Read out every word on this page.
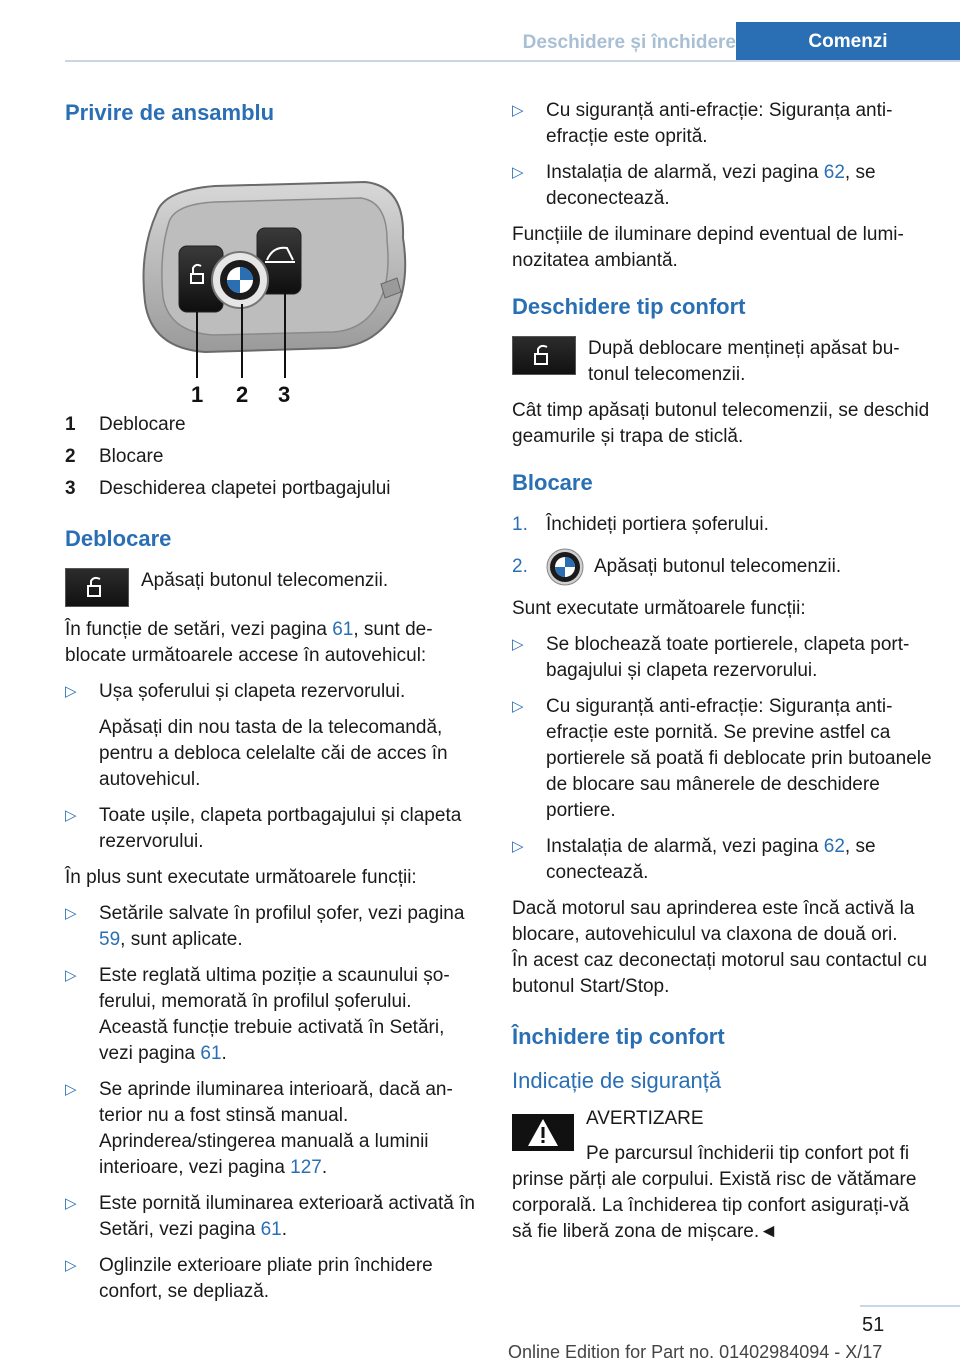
Deschidere și închidere	Comenzi
Privire de ansamblu
1 2 3
1	Deblocare
2	Blocare
3	Deschiderea clapetei portbagajului
Deblocare
Apăsați butonul telecomenzii.

În funcție de setări, vezi pagina 61, sunt deblocate următoarele accese în autovehicul:

▷	Ușa șoferului și clapeta rezervorului.
Apăsați din nou tasta de la telecomandă, pentru a debloca celelalte căi de acces în autovehicul.
▷	Toate ușile, clapeta portbagajului și clapeta rezervorului.

În plus sunt executate următoarele funcții:

▷	Setările salvate în profilul șofer, vezi pagina 59, sunt aplicate.
▷	Este reglată ultima poziție a scaunului șoferului, memorată în profilul șoferului. Această funcție trebuie activată în Setări, vezi pagina 61.
▷	Se aprinde iluminarea interioară, dacă anterior nu a fost stinsă manual. Aprinderea/stingerea manuală a luminii interioare, vezi pagina 127.
▷	Este pornită iluminarea exterioară activată în Setări, vezi pagina 61.
▷	Oglinzile exterioare pliate prin închidere confort, se depliază.
▷	Cu siguranță anti-efracție: Siguranța anti-efracție este oprită.
▷	Instalația de alarmă, vezi pagina 62, se deconectează.

Funcțiile de iluminare depind eventual de luminozitatea ambiantă.

Deschidere tip confort
După deblocare mențineți apăsat butonul telecomenzii.

Cât timp apăsați butonul telecomenzii, se deschid geamurile și trapa de sticlă.

Blocare
1. Închideți portiera șoferului.
2.	Apăsați butonul telecomenzii.

Sunt executate următoarele funcții:

▷	Se blochează toate portierele, clapeta portbagajului și clapeta rezervorului.
▷	Cu siguranță anti-efracție: Siguranța anti-efracție este pornită. Se previne astfel ca portierele să poată fi deblocate prin butoanele de blocare sau mânerele de deschidere portiere.
▷	Instalația de alarmă, vezi pagina 62, se conectează.

Dacă motorul sau aprinderea este încă activă la blocare, autovehiculul va claxona de două ori.

În acest caz deconectați motorul sau contactul cu butonul Start/Stop.

Închidere tip confort
Indicație de siguranță
AVERTIZARE

Pe parcursul închiderii tip confort pot fi prinse părți ale corpului. Există risc de vătămare corporală. La închiderea tip confort asigurați-vă să fie liberă zona de mișcare.◄

51
Online Edition for Part no. 01402984094 - X/17
